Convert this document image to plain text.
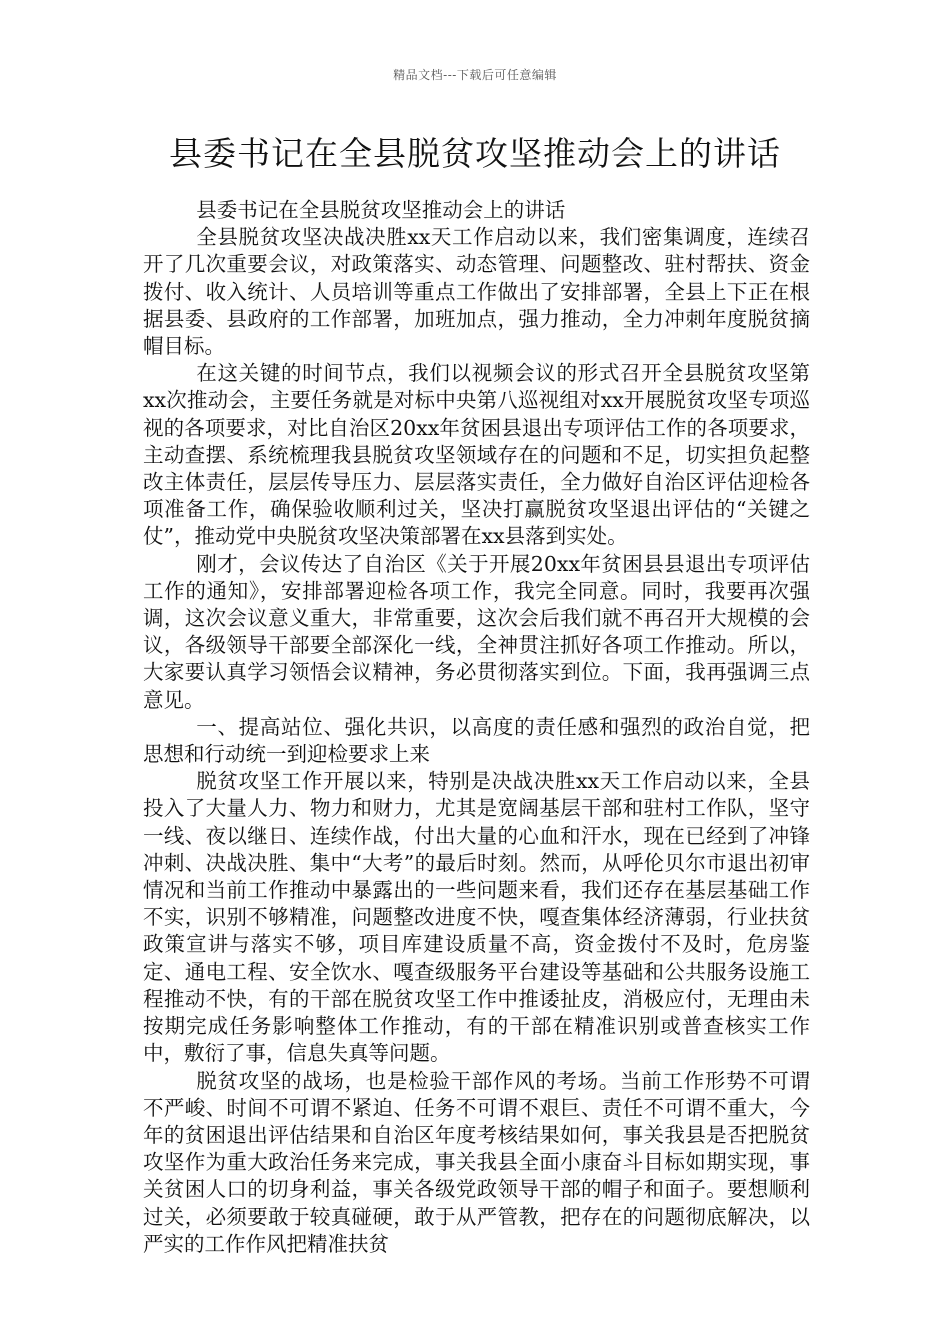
精品文档---下载后可任意编辑
县委书记在全县脱贫攻坚推动会上的讲话

县委书记在全县脱贫攻坚推动会上的讲话

全县脱贫攻坚决战决胜xx天工作启动以来，我们密集调度，连续召开了几次重要会议，对政策落实、动态管理、问题整改、驻村帮扶、资金拨付、收入统计、人员培训等重点工作做出了安排部署，全县上下正在根据县委、县政府的工作部署，加班加点，强力推动，全力冲刺年度脱贫摘帽目标。

在这关键的时间节点，我们以视频会议的形式召开全县脱贫攻坚第xx次推动会，主要任务就是对标中央第八巡视组对xx开展脱贫攻坚专项巡视的各项要求，对比自治区20xx年贫困县退出专项评估工作的各项要求，主动查摆、系统梳理我县脱贫攻坚领域存在的问题和不足，切实担负起整改主体责任，层层传导压力、层层落实责任，全力做好自治区评估迎检各项准备工作，确保验收顺利过关，坚决打赢脱贫攻坚退出评估的“关键之仗”，推动党中央脱贫攻坚决策部署在xx县落到实处。

刚才，会议传达了自治区《关于开展20xx年贫困县县退出专项评估工作的通知》，安排部署迎检各项工作，我完全同意。同时，我要再次强调，这次会议意义重大，非常重要，这次会后我们就不再召开大规模的会议，各级领导干部要全部深化一线，全神贯注抓好各项工作推动。所以，大家要认真学习领悟会议精神，务必贯彻落实到位。下面，我再强调三点意见。

一、提高站位、强化共识，以高度的责任感和强烈的政治自觉，把思想和行动统一到迎检要求上来

脱贫攻坚工作开展以来，特别是决战决胜xx天工作启动以来，全县投入了大量人力、物力和财力，尤其是宽阔基层干部和驻村工作队，坚守一线、夜以继日、连续作战，付出大量的心血和汗水，现在已经到了冲锋冲刺、决战决胜、集中“大考”的最后时刻。然而，从呼伦贝尔市退出初审情况和当前工作推动中暴露出的一些问题来看，我们还存在基层基础工作不实，识别不够精准，问题整改进度不快，嘎查集体经济薄弱，行业扶贫政策宣讲与落实不够，项目库建设质量不高，资金拨付不及时，危房鉴定、通电工程、安全饮水、嘎查级服务平台建设等基础和公共服务设施工程推动不快，有的干部在脱贫攻坚工作中推诿扯皮，消极应付，无理由未按期完成任务影响整体工作推动，有的干部在精准识别或普查核实工作中，敷衍了事，信息失真等问题。

脱贫攻坚的战场，也是检验干部作风的考场。当前工作形势不可谓不严峻、时间不可谓不紧迫、任务不可谓不艰巨、责任不可谓不重大，今年的贫困退出评估结果和自治区年度考核结果如何，事关我县是否把脱贫攻坚作为重大政治任务来完成，事关我县全面小康奋斗目标如期实现，事关贫困人口的切身利益，事关各级党政领导干部的帽子和面子。要想顺利过关，必须要敢于较真碰硬，敢于从严管教，把存在的问题彻底解决，以严实的工作作风把精准扶贫
